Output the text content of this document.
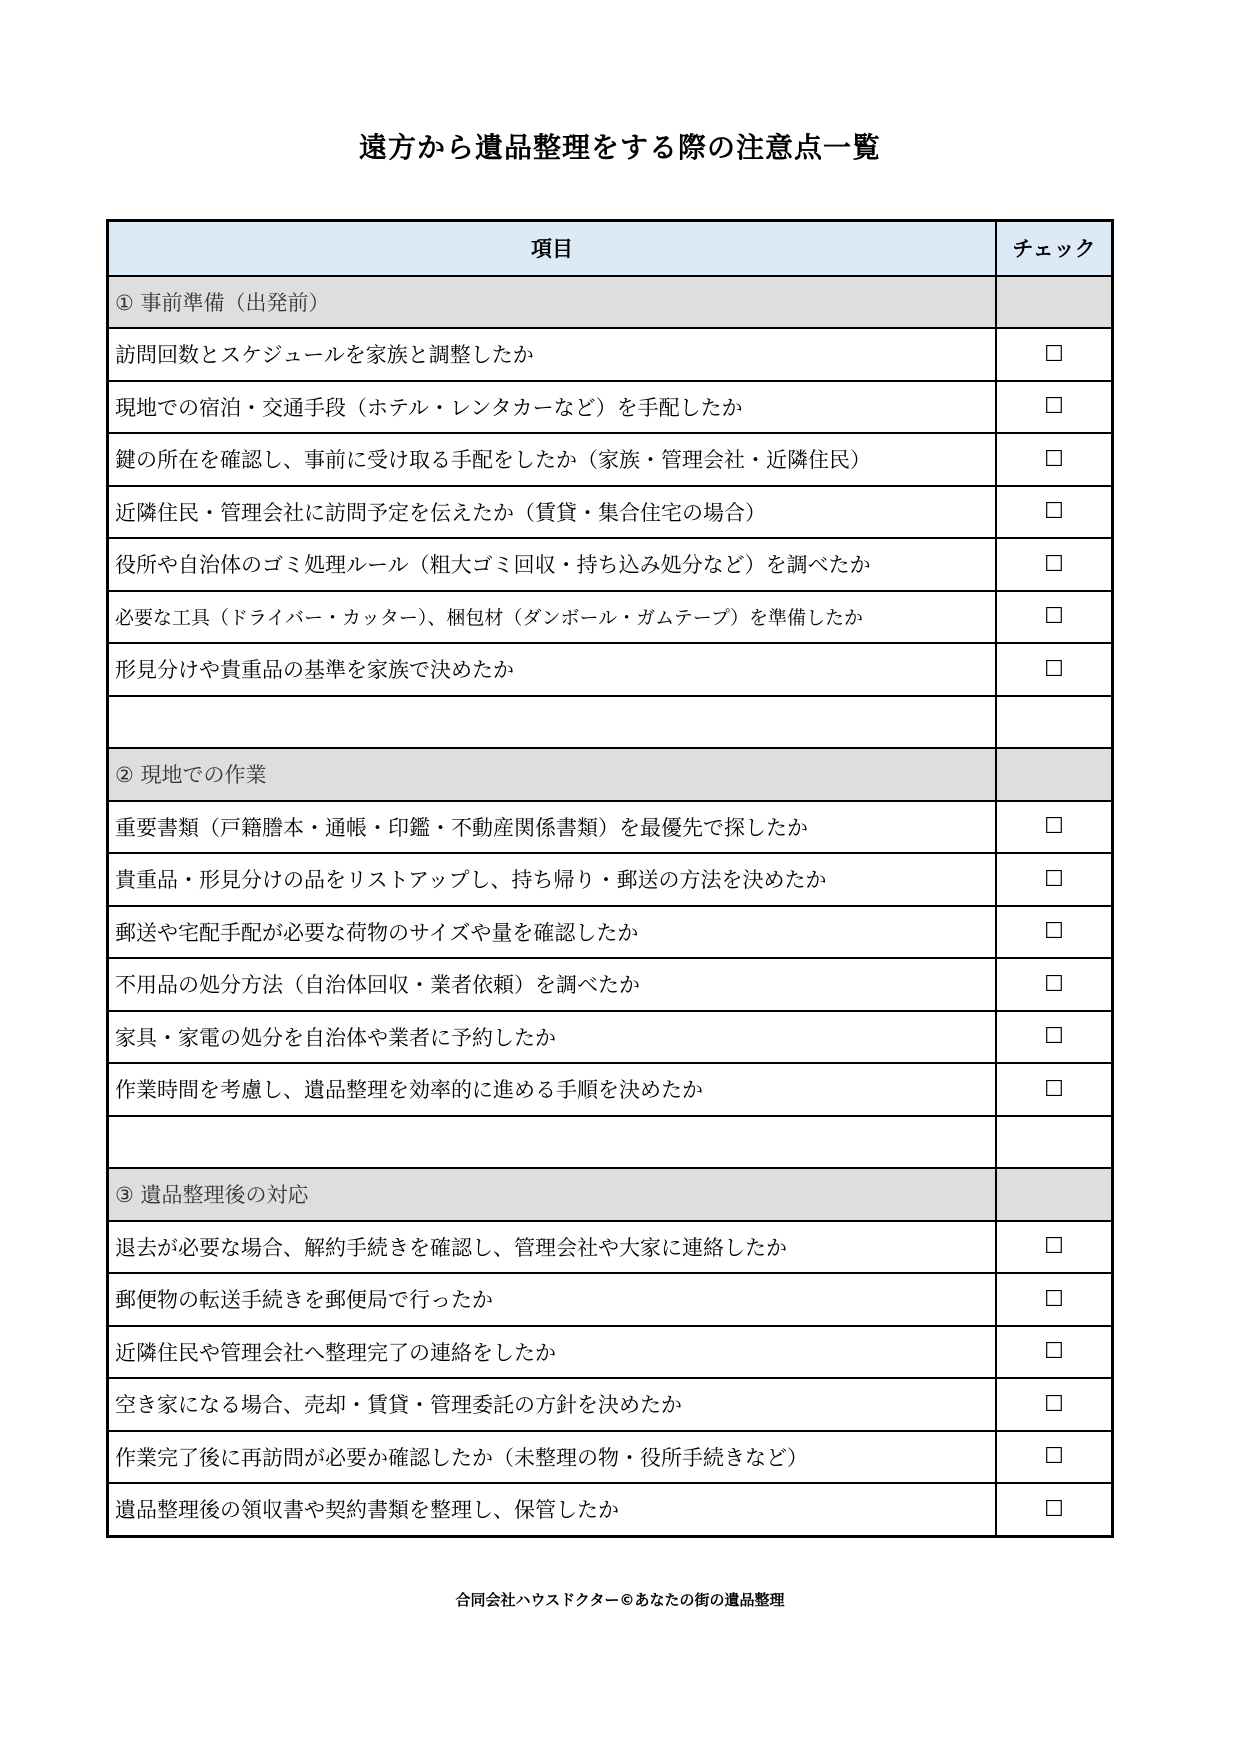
遠方から遺品整理をする際の注意点一覧
項目	チェック
① 事前準備（出発前）
訪問回数とスケジュールを家族と調整したか	☐
現地での宿泊・交通手段（ホテル・レンタカーなど）を手配したか	☐
鍵の所在を確認し、事前に受け取る手配をしたか（家族・管理会社・近隣住民）	☐
近隣住民・管理会社に訪問予定を伝えたか（賃貸・集合住宅の場合）	☐
役所や自治体のゴミ処理ルール（粗大ゴミ回収・持ち込み処分など）を調べたか	☐
必要な工具（ドライバー・カッター）、梱包材（ダンボール・ガムテープ）を準備したか	☐
形見分けや貴重品の基準を家族で決めたか	☐
② 現地での作業
重要書類（戸籍謄本・通帳・印鑑・不動産関係書類）を最優先で探したか	☐
貴重品・形見分けの品をリストアップし、持ち帰り・郵送の方法を決めたか	☐
郵送や宅配手配が必要な荷物のサイズや量を確認したか	☐
不用品の処分方法（自治体回収・業者依頼）を調べたか	☐
家具・家電の処分を自治体や業者に予約したか	☐
作業時間を考慮し、遺品整理を効率的に進める手順を決めたか	☐
③ 遺品整理後の対応
退去が必要な場合、解約手続きを確認し、管理会社や大家に連絡したか	☐
郵便物の転送手続きを郵便局で行ったか	☐
近隣住民や管理会社へ整理完了の連絡をしたか	☐
空き家になる場合、売却・賃貸・管理委託の方針を決めたか	☐
作業完了後に再訪問が必要か確認したか（未整理の物・役所手続きなど）	☐
遺品整理後の領収書や契約書類を整理し、保管したか	☐
合同会社ハウスドクター©あなたの街の遺品整理
